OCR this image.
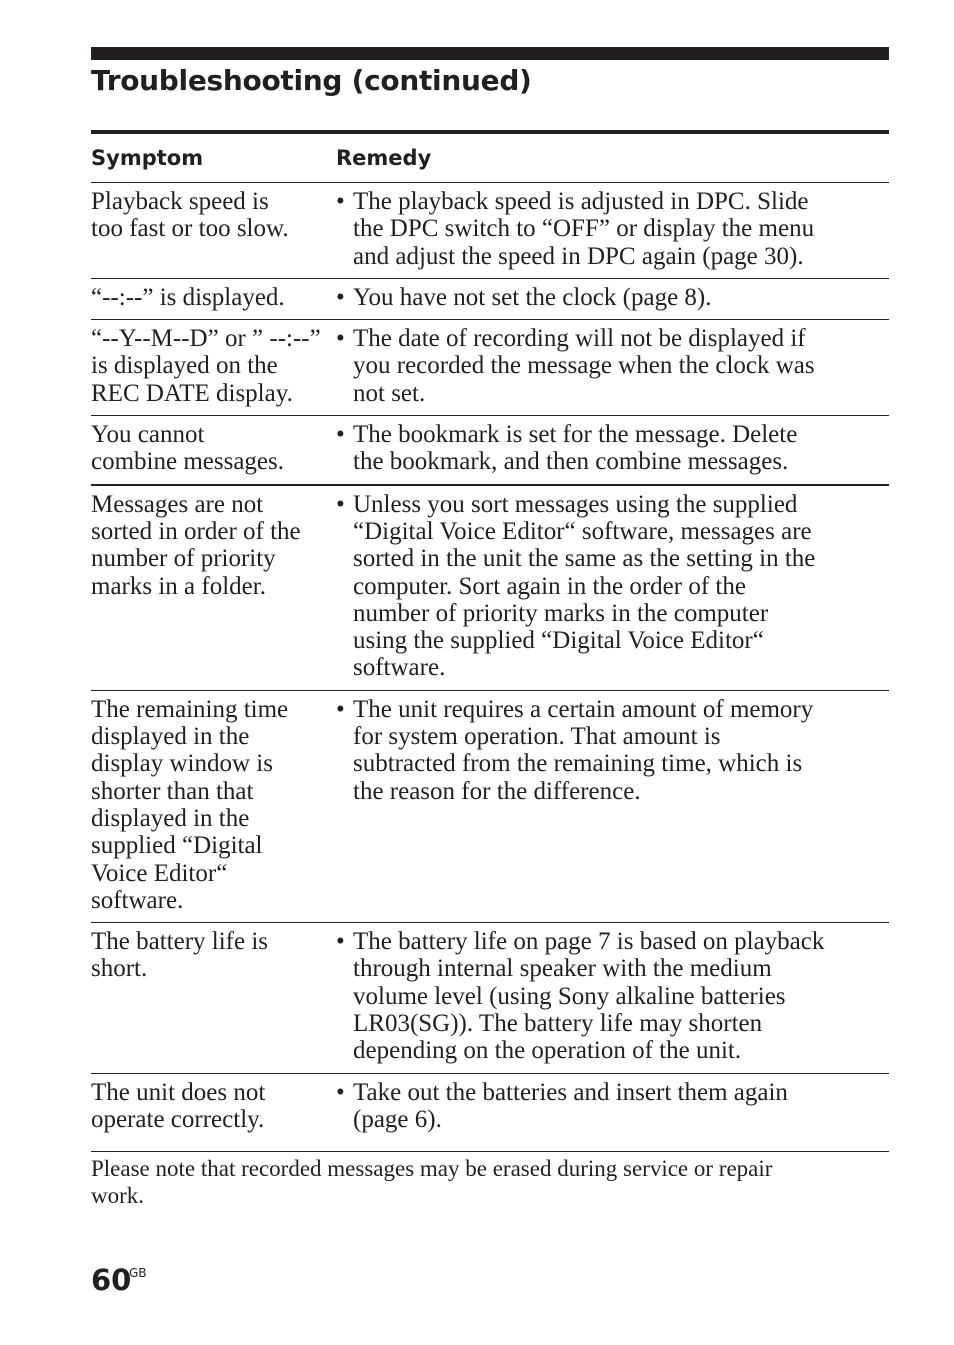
Troubleshooting (continued)
Symptom	Remedy
Playback speed is
too fast or too slow.
• The playback speed is adjusted in DPC. Slide
the DPC switch to “OFF” or display the menu
and adjust the speed in DPC again (page 30).
“--:--” is displayed.	• You have not set the clock (page 8).
“--Y--M--D” or ” --:--”
is displayed on the
REC DATE display.
• The date of recording will not be displayed if
you recorded the message when the clock was
not set.
You cannot
combine messages.
• The bookmark is set for the message. Delete
the bookmark, and then combine messages.
Messages are not
sorted in order of the
number of priority
marks in a folder.
• Unless you sort messages using the supplied
“Digital Voice Editor“ software, messages are
sorted in the unit the same as the setting in the
computer. Sort again in the order of the
number of priority marks in the computer
using the supplied “Digital Voice Editor“
software.
The remaining time
displayed in the
display window is
shorter than that
displayed in the
supplied “Digital
Voice Editor“
software.
• The unit requires a certain amount of memory
for system operation. That amount is
subtracted from the remaining time, which is
the reason for the difference.
The battery life is
short.
• The battery life on page 7 is based on playback
through internal speaker with the medium
volume level (using Sony alkaline batteries
LR03(SG)). The battery life may shorten
depending on the operation of the unit.
The unit does not
operate correctly.
• Take out the batteries and insert them again
(page 6).

Please note that recorded messages may be erased during service or repair
work.

60
GB
